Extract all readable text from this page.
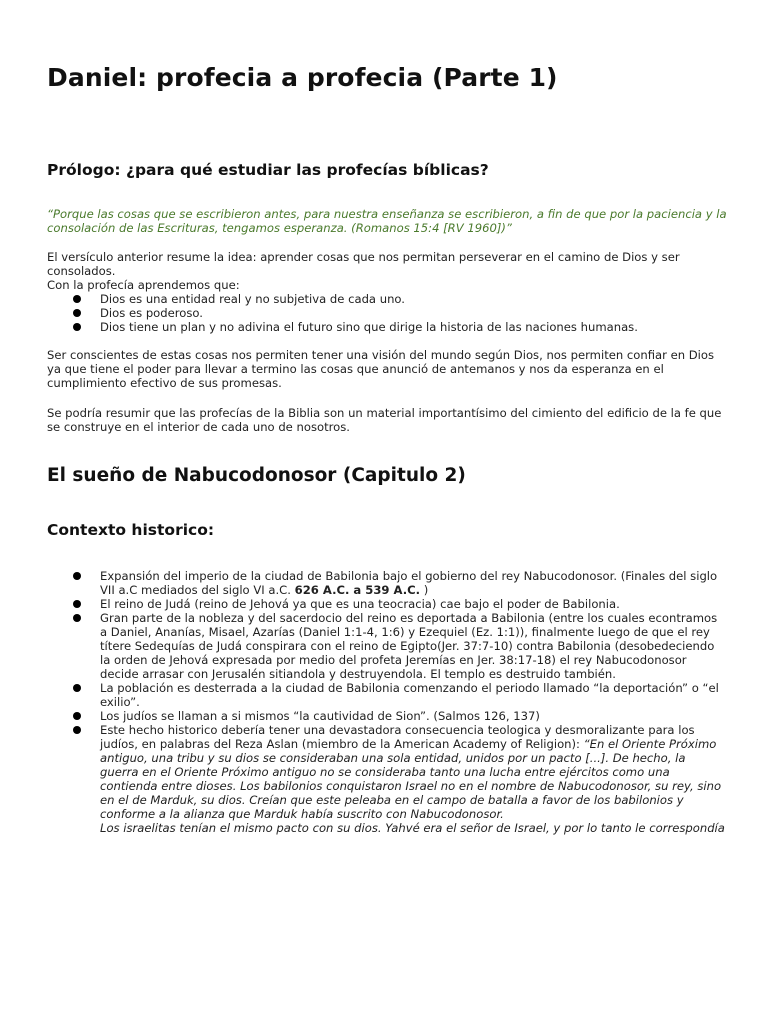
Daniel: profecia a profecia (Parte 1)
Prólogo: ¿para qué estudiar las profecías bíblicas?

“Porque las cosas que se escribieron antes, para nuestra enseñanza se escribieron, a fin de que por la paciencia y la consolación de las Escrituras, tengamos esperanza. (Romanos 15:4 [RV 1960])”

El versículo anterior resume la idea: aprender cosas que nos permitan perseverar en el camino de Dios y ser consolados.
Con la profecía aprendemos que:

Dios es una entidad real y no subjetiva de cada uno.
Dios es poderoso.
Dios tiene un plan y no adivina el futuro sino que dirige la historia de las naciones humanas.

Ser conscientes de estas cosas nos permiten tener una visión del mundo según Dios, nos permiten confiar en Dios ya que tiene el poder para llevar a termino las cosas que anunció de antemanos y nos da esperanza en el cumplimiento efectivo de sus promesas.

Se podría resumir que las profecías de la Biblia son un material importantísimo del cimiento del edificio de la fe que se construye en el interior de cada uno de nosotros.

El sueño de Nabucodonosor (Capitulo 2)
Contexto historico:
Expansión del imperio de la ciudad de Babilonia bajo el gobierno del rey Nabucodonosor. (Finales del siglo VII a.C mediados del siglo VI a.C. 626 A.C. a 539 A.C. )
El reino de Judá (reino de Jehová ya que es una teocracia) cae bajo el poder de Babilonia.
Gran parte de la nobleza y del sacerdocio del reino es deportada a Babilonia (entre los cuales econtramos a Daniel, Ananías, Misael, Azarías (Daniel 1:1-4, 1:6) y Ezequiel (Ez. 1:1)), finalmente luego de que el rey títere Sedequías de Judá conspirara con el reino de Egipto(Jer. 37:7-10) contra Babilonia (desobedeciendo la orden de Jehová expresada por medio del profeta Jeremías en Jer. 38:17-18) el rey Nabucodonosor decide arrasar con Jerusalén sitiandola y destruyendola. El templo es destruido también.
La población es desterrada a la ciudad de Babilonia comenzando el periodo llamado “la deportación” o “el exilio”.
Los judíos se llaman a si mismos “la cautividad de Sion”. (Salmos 126, 137)
Este hecho historico debería tener una devastadora consecuencia teologica y desmoralizante para los judíos, en palabras del Reza Aslan (miembro de la American Academy of Religion): “En el Oriente Próximo antiguo, una tribu y su dios se consideraban una sola entidad, unidos por un pacto [...]. De hecho, la guerra en el Oriente Próximo antiguo no se consideraba tanto una lucha entre ejércitos como una contienda entre dioses. Los babilonios conquistaron Israel no en el nombre de Nabucodonosor, su rey, sino en el de Marduk, su dios. Creían que este peleaba en el campo de batalla a favor de los babilonios y conforme a la alianza que Marduk había suscrito con Nabucodonosor.
Los israelitas tenían el mismo pacto con su dios. Yahvé era el señor de Israel, y por lo tanto le correspondía
